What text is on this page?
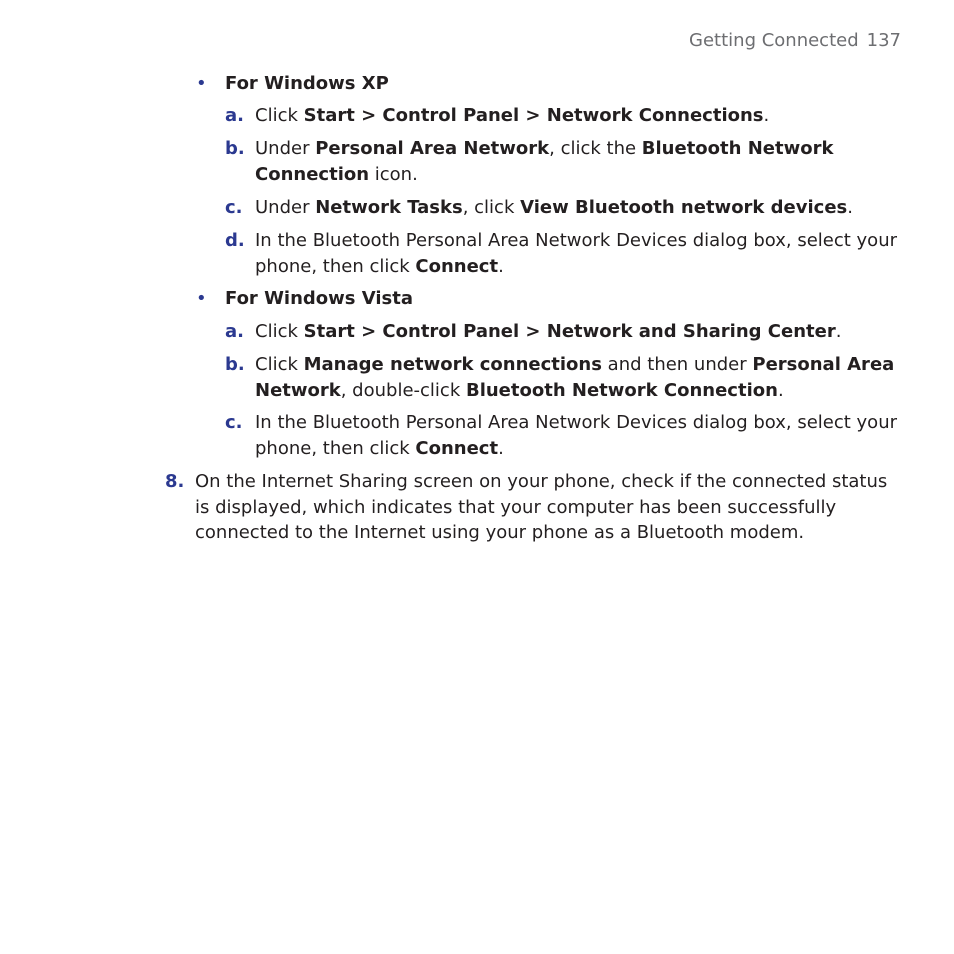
Getting Connected 137
• For Windows XP
a. Click Start > Control Panel > Network Connections.
b. Under Personal Area Network, click the Bluetooth Network
Connection icon.
c. Under Network Tasks, click View Bluetooth network devices.
d. In the Bluetooth Personal Area Network Devices dialog box, select your
phone, then click Connect.
• For Windows Vista
a. Click Start > Control Panel > Network and Sharing Center.
b. Click Manage network connections and then under Personal Area
Network, double-click Bluetooth Network Connection.
c. In the Bluetooth Personal Area Network Devices dialog box, select your
phone, then click Connect.
8. On the Internet Sharing screen on your phone, check if the connected status
is displayed, which indicates that your computer has been successfully
connected to the Internet using your phone as a Bluetooth modem.
